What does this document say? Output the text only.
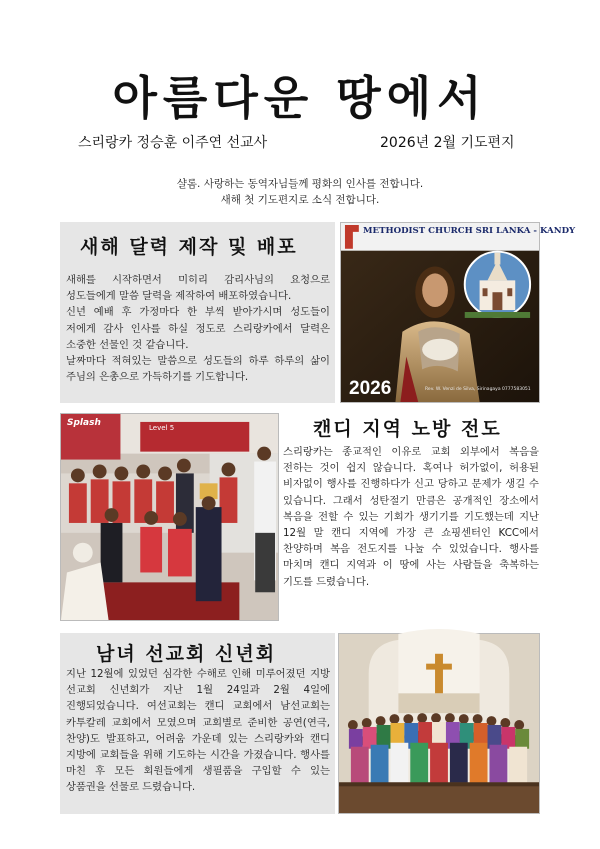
아름다운 땅에서
스리랑카 정승훈 이주연 선교사	2026년 2월 기도편지
샬롬. 사랑하는 동역자님들께 평화의 인사를 전합니다.
새해 첫 기도편지로 소식 전합니다.
새해 달력 제작 및 배포
새해를 시작하면서 미히리 감리사님의 요청으로 성도들에게 말씀 달력을 제작하여 배포하였습니다.
신년 예배 후 가정마다 한 부씩 받아가시며 성도들이 저에게 감사 인사를 하실 정도로 스리랑카에서 달력은 소중한 선물인 것 같습니다.
날짜마다 적혀있는 말씀으로 성도들의 하루 하루의 삶이 주님의 은총으로 가득하기를 기도합니다.
METHODIST CHURCH SRI LANKA - KANDY
2026	Rev. W. Venzi de Silva, Sirinagaya 0777583051
Splash	Level 5	캔디 지역 노방 전도
스리랑카는 종교적인 이유로 교회 외부에서 복음을 전하는 것이 쉽지 않습니다. 혹여나 허가없이, 허용된 비자없이 행사를 진행하다가 신고 당하고 문제가 생길 수 있습니다. 그래서 성탄절기 만큼은 공개적인 장소에서 복음을 전할 수 있는 기회가 생기기를 기도했는데 지난 12월 말 캔디 지역에 가장 큰 쇼핑센터인 KCC에서 찬양하며 복음 전도지를 나눌 수 있었습니다. 행사를 마치며 캔디 지역과 이 땅에 사는 사람들을 축복하는 기도를 드렸습니다.
남녀 선교회 신년회
지난 12월에 있었던 심각한 수해로 인해 미루어졌던 지방 선교회 신년회가 지난 1월 24일과 2월 4일에 진행되었습니다. 여선교회는 캔디 교회에서 남선교회는 카투칼레 교회에서 모였으며 교회별로 준비한 공연(연극, 찬양)도 발표하고, 어려움 가운데 있는 스리랑카와 캔디 지방에 교회들을 위해 기도하는 시간을 가졌습니다. 행사를 마친 후 모든 회원들에게 생필품을 구입할 수 있는 상품권을 선물로 드렸습니다.
